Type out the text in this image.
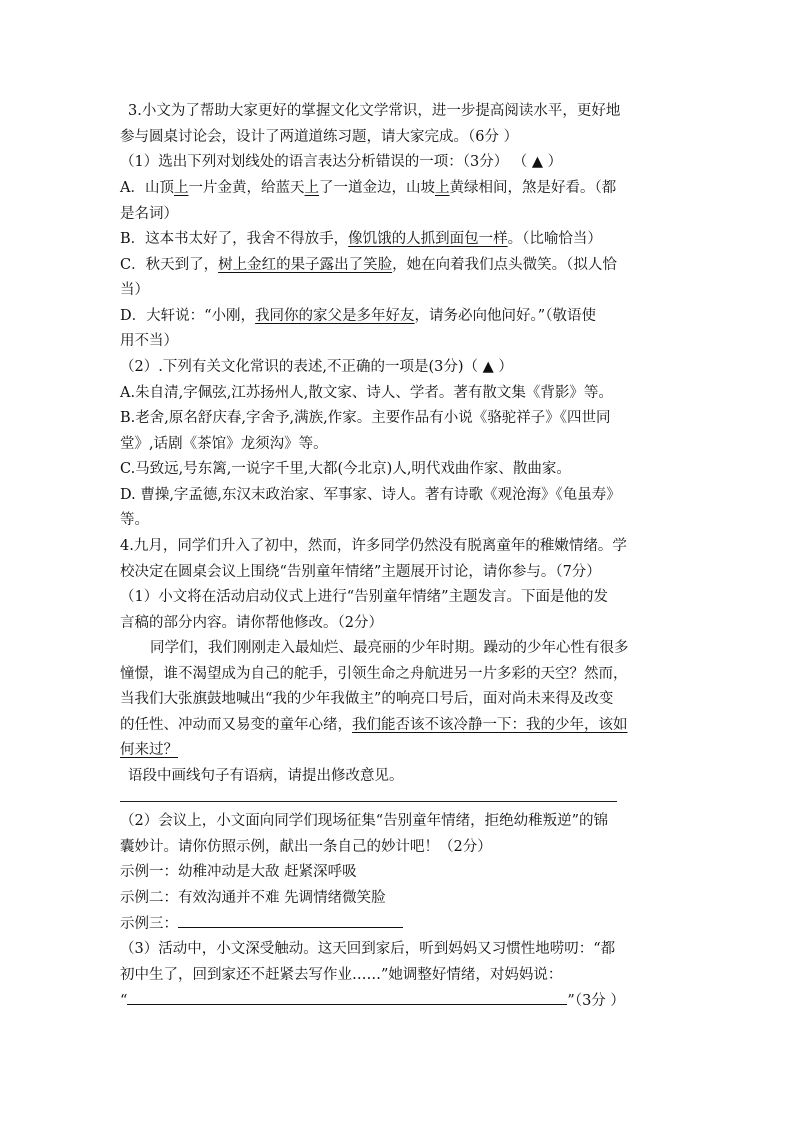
3.小文为了帮助大家更好的掌握文化文学常识，进一步提高阅读水平，更好地
参与圆桌讨论会，设计了两道道练习题，请大家完成。（6分 ）
（1）选出下列对划线处的语言表达分析错误的一项：（3分） （ ▲ ）
A．山顶上一片金黄，给蓝天上了一道金边，山坡上黄绿相间，煞是好看。（都
是名词）
B．这本书太好了，我舍不得放手，像饥饿的人抓到面包一样。（比喻恰当）
C．秋天到了，树上金红的果子露出了笑脸，她在向着我们点头微笑。（拟人恰
当）
D．大轩说：“小刚，我同你的家父是多年好友，请务必向他问好。”（敬语使
用不当）
（2）.下列有关文化常识的表述,不正确的一项是(3分)（ ▲ ）
A.朱自清,字佩弦,江苏扬州人,散文家、诗人、学者。著有散文集《背影》等。
B.老舍,原名舒庆春,字舍予,满族,作家。主要作品有小说《骆驼祥子》《四世同
堂》,话剧《茶馆》龙须沟》等。
C.马致远,号东篱,一说字千里,大都(今北京)人,明代戏曲作家、散曲家。
D. 曹操,字孟德,东汉末政治家、军事家、诗人。著有诗歌《观沧海》《龟虽寿》
等。
4.九月，同学们升入了初中，然而，许多同学仍然没有脱离童年的稚嫩情绪。学
校决定在圆桌会议上围绕“告别童年情绪”主题展开讨论，请你参与。（7分）
（1）小文将在活动启动仪式上进行“告别童年情绪”主题发言。下面是他的发
言稿的部分内容。请你帮他修改。（2分）
同学们，我们刚刚走入最灿烂、最亮丽的少年时期。躁动的少年心性有很多
憧憬，谁不渴望成为自己的舵手，引领生命之舟航进另一片多彩的天空？然而，
当我们大张旗鼓地喊出“我的少年我做主”的响亮口号后，面对尚未来得及改变
的任性、冲动而又易变的童年心绪，我们能否该不该冷静一下：我的少年，该如
何来过？
语段中画线句子有语病，请提出修改意见。
（2）会议上，小文面向同学们现场征集“告别童年情绪，拒绝幼稚叛逆”的锦
囊妙计。请你仿照示例，献出一条自己的妙计吧！（2分）
示例一：幼稚冲动是大敌 赶紧深呼吸
示例二：有效沟通并不难 先调情绪微笑脸
示例三：
（3）活动中，小文深受触动。这天回到家后，听到妈妈又习惯性地唠叨：“都
初中生了，回到家还不赶紧去写作业……”她调整好情绪，对妈妈说：
“	”（3分 ）
